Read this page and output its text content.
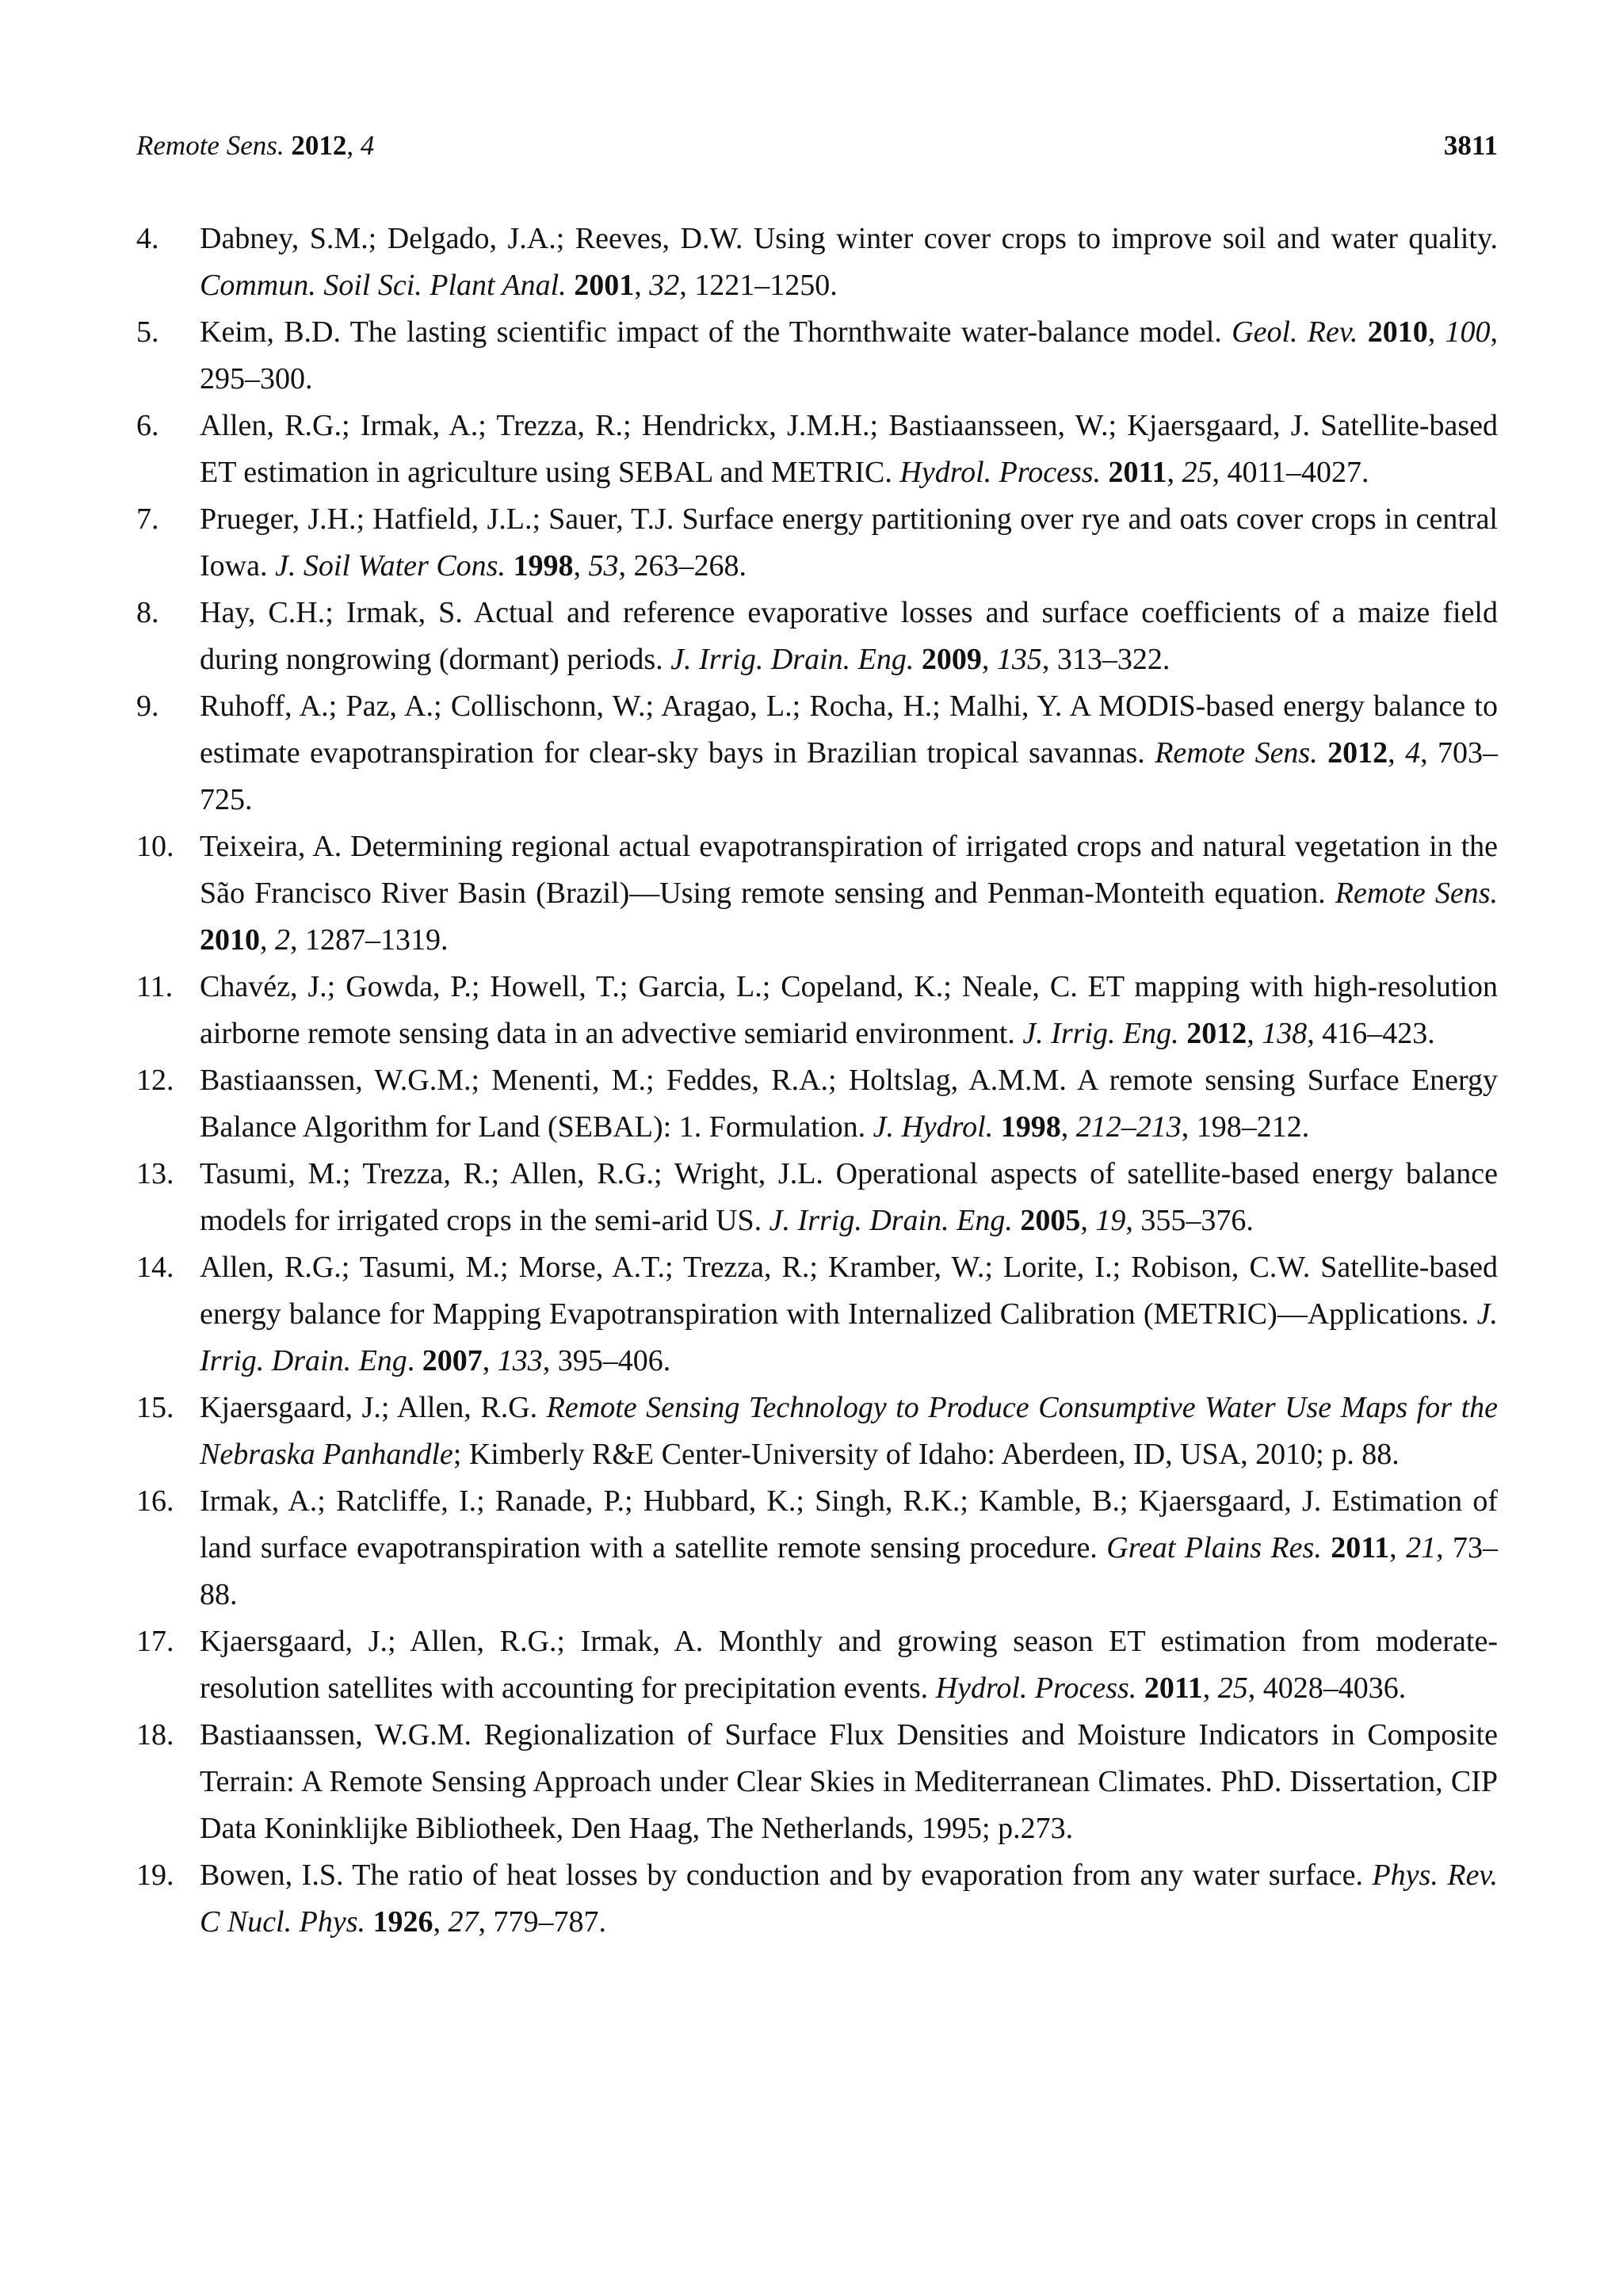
Remote Sens. 2012, 4	3811
4.	Dabney, S.M.; Delgado, J.A.; Reeves, D.W. Using winter cover crops to improve soil and water quality. Commun. Soil Sci. Plant Anal. 2001, 32, 1221–1250.
5.	Keim, B.D. The lasting scientific impact of the Thornthwaite water-balance model. Geol. Rev. 2010, 100, 295–300.
6.	Allen, R.G.; Irmak, A.; Trezza, R.; Hendrickx, J.M.H.; Bastiaansseen, W.; Kjaersgaard, J. Satellite-based ET estimation in agriculture using SEBAL and METRIC. Hydrol. Process. 2011, 25, 4011–4027.
7.	Prueger, J.H.; Hatfield, J.L.; Sauer, T.J. Surface energy partitioning over rye and oats cover crops in central Iowa. J. Soil Water Cons. 1998, 53, 263–268.
8.	Hay, C.H.; Irmak, S. Actual and reference evaporative losses and surface coefficients of a maize field during nongrowing (dormant) periods. J. Irrig. Drain. Eng. 2009, 135, 313–322.
9.	Ruhoff, A.; Paz, A.; Collischonn, W.; Aragao, L.; Rocha, H.; Malhi, Y. A MODIS-based energy balance to estimate evapotranspiration for clear-sky bays in Brazilian tropical savannas. Remote Sens. 2012, 4, 703–725.
10. Teixeira, A. Determining regional actual evapotranspiration of irrigated crops and natural vegetation in the São Francisco River Basin (Brazil)—Using remote sensing and Penman-Monteith equation. Remote Sens. 2010, 2, 1287–1319.
11. Chavéz, J.; Gowda, P.; Howell, T.; Garcia, L.; Copeland, K.; Neale, C. ET mapping with high-resolution airborne remote sensing data in an advective semiarid environment. J. Irrig. Eng. 2012, 138, 416–423.
12. Bastiaanssen, W.G.M.; Menenti, M.; Feddes, R.A.; Holtslag, A.M.M. A remote sensing Surface Energy Balance Algorithm for Land (SEBAL): 1. Formulation. J. Hydrol. 1998, 212–213, 198–212.
13. Tasumi, M.; Trezza, R.; Allen, R.G.; Wright, J.L. Operational aspects of satellite-based energy balance models for irrigated crops in the semi-arid US. J. Irrig. Drain. Eng. 2005, 19, 355–376.
14. Allen, R.G.; Tasumi, M.; Morse, A.T.; Trezza, R.; Kramber, W.; Lorite, I.; Robison, C.W. Satellite-based energy balance for Mapping Evapotranspiration with Internalized Calibration (METRIC)—Applications. J. Irrig. Drain. Eng. 2007, 133, 395–406.
15. Kjaersgaard, J.; Allen, R.G. Remote Sensing Technology to Produce Consumptive Water Use Maps for the Nebraska Panhandle; Kimberly R&E Center-University of Idaho: Aberdeen, ID, USA, 2010; p. 88.
16. Irmak, A.; Ratcliffe, I.; Ranade, P.; Hubbard, K.; Singh, R.K.; Kamble, B.; Kjaersgaard, J. Estimation of land surface evapotranspiration with a satellite remote sensing procedure. Great Plains Res. 2011, 21, 73–88.
17. Kjaersgaard, J.; Allen, R.G.; Irmak, A. Monthly and growing season ET estimation from moderate-resolution satellites with accounting for precipitation events. Hydrol. Process. 2011, 25, 4028–4036.
18. Bastiaanssen, W.G.M. Regionalization of Surface Flux Densities and Moisture Indicators in Composite Terrain: A Remote Sensing Approach under Clear Skies in Mediterranean Climates. PhD. Dissertation, CIP Data Koninklijke Bibliotheek, Den Haag, The Netherlands, 1995; p.273.
19. Bowen, I.S. The ratio of heat losses by conduction and by evaporation from any water surface. Phys. Rev. C Nucl. Phys. 1926, 27, 779–787.
